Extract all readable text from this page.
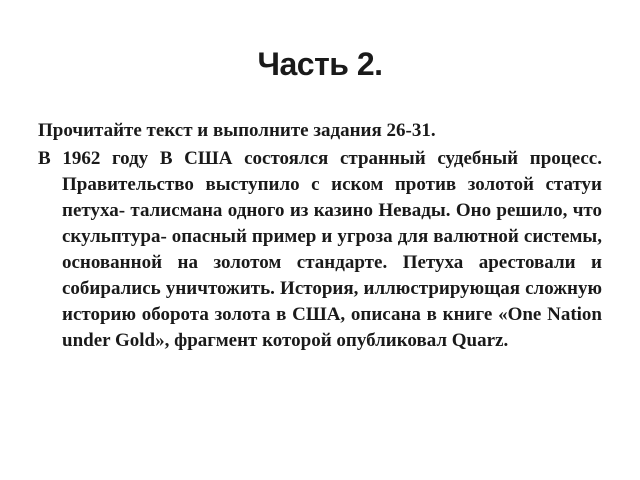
Часть 2.

Прочитайте текст и выполните задания 26-31.

В 1962 году В США состоялся странный судебный процесс. Правительство выступило с иском против золотой статуи петуха- талисмана одного из казино Невады. Оно решило, что скульптура- опасный пример и угроза для валютной системы, основанной на золотом стандарте. Петуха арестовали и собирались уничтожить. История, иллюстрирующая сложную историю оборота золота в США, описана в книге «One Nation under Gold», фрагмент которой опубликовал Quarz.
